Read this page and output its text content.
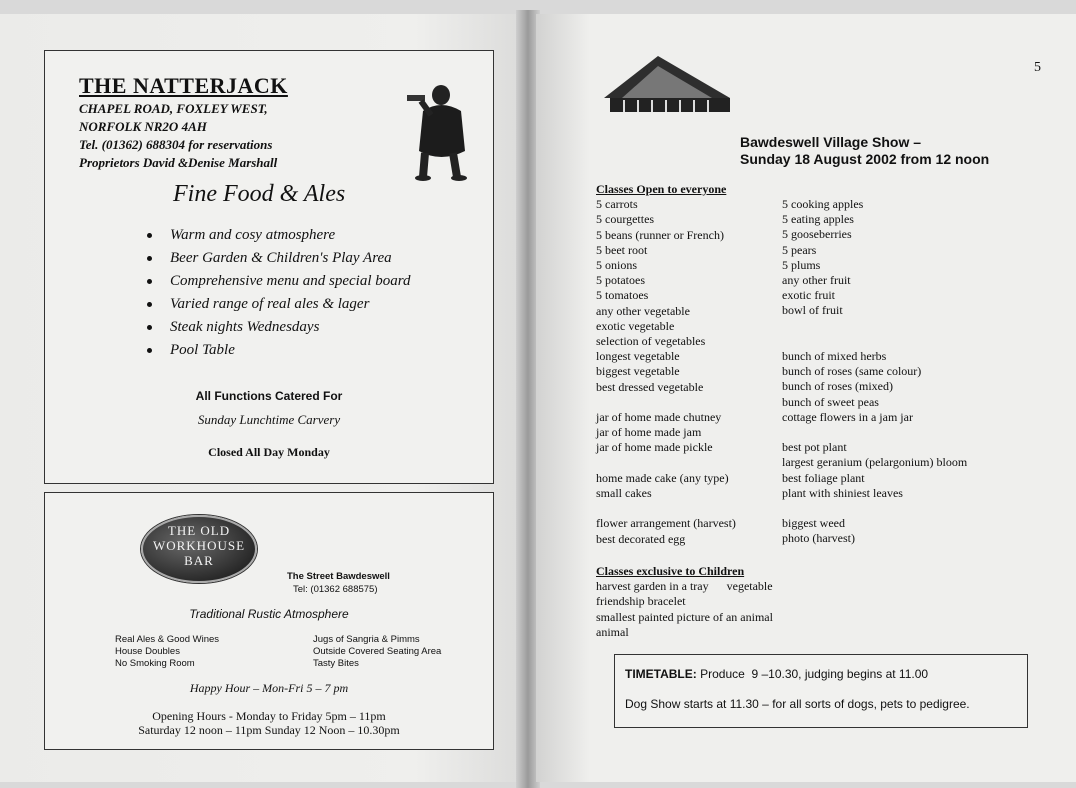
THE NATTERJACK
CHAPEL ROAD, FOXLEY WEST,
NORFOLK NR2O 4AH
Tel. (01362) 688304 for reservations
Proprietors David &Denise Marshall
Fine Food & Ales
Warm and cosy atmosphere
Beer Garden & Children's Play Area
Comprehensive menu and special board
Varied range of real ales & lager
Steak nights Wednesdays
Pool Table
All Functions Catered For
Sunday Lunchtime Carvery
Closed All Day Monday
THE OLD
WORKHOUSE
BAR
The Street Bawdeswell
Tel: (01362 688575)
Traditional Rustic Atmosphere
Real Ales & Good Wines
House Doubles
No Smoking Room
Jugs of Sangria & Pimms
Outside Covered Seating Area
Tasty Bites
Happy Hour – Mon-Fri 5 – 7 pm
Opening Hours - Monday to Friday 5pm – 11pm
Saturday 12 noon – 11pm Sunday 12 Noon – 10.30pm
5
Bawdeswell Village Show –
Sunday 18 August 2002 from 12 noon
Classes Open to everyone
5 carrots
5 courgettes
5 beans (runner or French)
5 beet root
5 onions
5 potatoes
5 tomatoes
any other vegetable
exotic vegetable
selection of vegetables
longest vegetable
biggest vegetable
best dressed vegetable

jar of home made chutney
jar of home made jam
jar of home made pickle

home made cake (any type)
small cakes

flower arrangement (harvest)
best decorated egg
5 cooking apples
5 eating apples
5 gooseberries
5 pears
5 plums
any other fruit
exotic fruit
bowl of fruit

bunch of mixed herbs
bunch of roses (same colour)
bunch of roses (mixed)
bunch of sweet peas
cottage flowers in a jam jar

best pot plant
largest geranium (pelargonium) bloom
best foliage plant
plant with shiniest leaves

biggest weed
photo (harvest)
Classes exclusive to Children
harvest garden in a tray      vegetable
friendship bracelet
smallest painted picture of an animal
animal
TIMETABLE: Produce  9 –10.30, judging begins at 11.00
Dog Show starts at 11.30 – for all sorts of dogs, pets to pedigree.
